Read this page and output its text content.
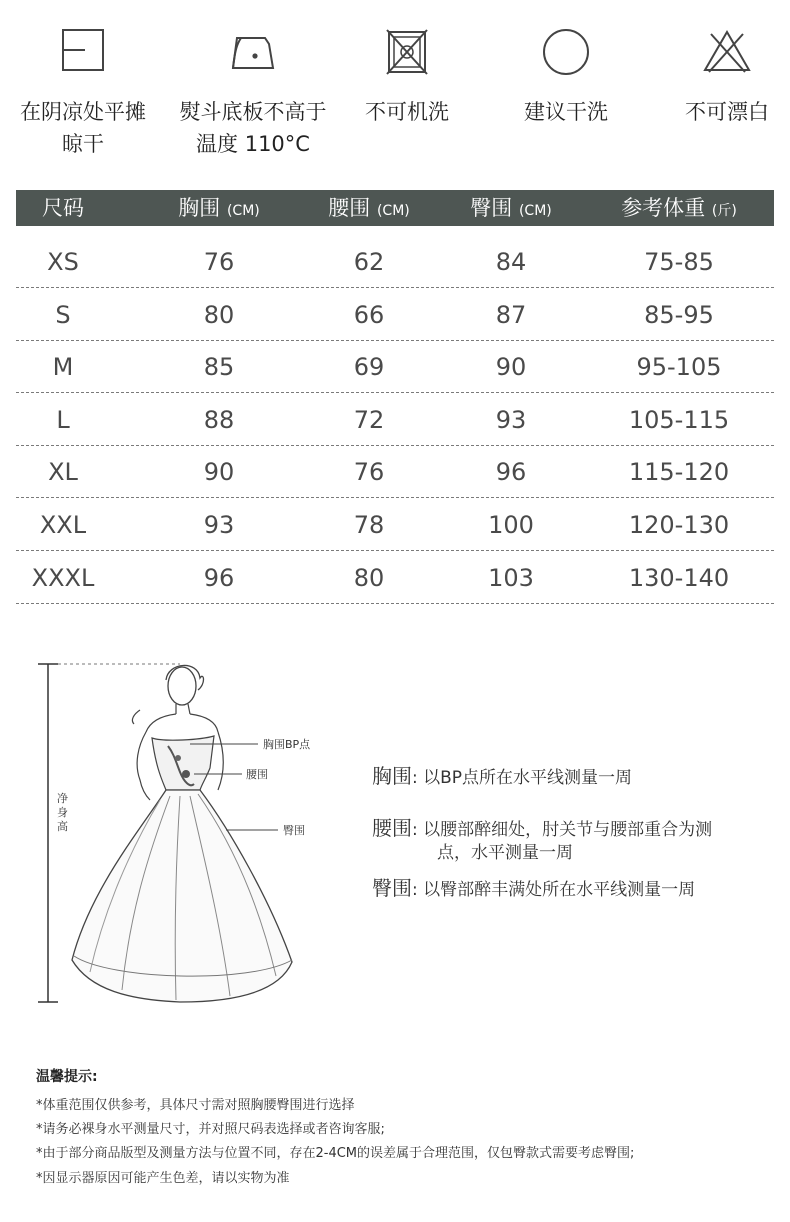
在阴凉处平摊
晾干
熨斗底板不高于
温度 110°C
不可机洗	建议干洗	不可漂白
尺码	胸围 (CM)	腰围 (CM)	臀围 (CM)	参考体重 (斤)
XS	76	62	84	75-85
S	80	66	87	85-95
M	85	69	90	95-105
L	88	72	93	105-115
XL	90	76	96	115-120
XXL	93	78	100	120-130
XXXL	96	80	103	130-140
胸围BP点
腰围
臀围
净
身
高
胸围: 以BP点所在水平线测量一周
腰围: 以腰部醉细处，肘关节与腰部重合为测
点，水平测量一周
臀围: 以臀部醉丰满处所在水平线测量一周
温馨提示:
*体重范围仅供参考，具体尺寸需对照胸腰臀围进行选择
*请务必裸身水平测量尺寸，并对照尺码表选择或者咨询客服;
*由于部分商品版型及测量方法与位置不同，存在2-4CM的误差属于合理范围，仅包臀款式需要考虑臀围;
*因显示器原因可能产生色差，请以实物为准
